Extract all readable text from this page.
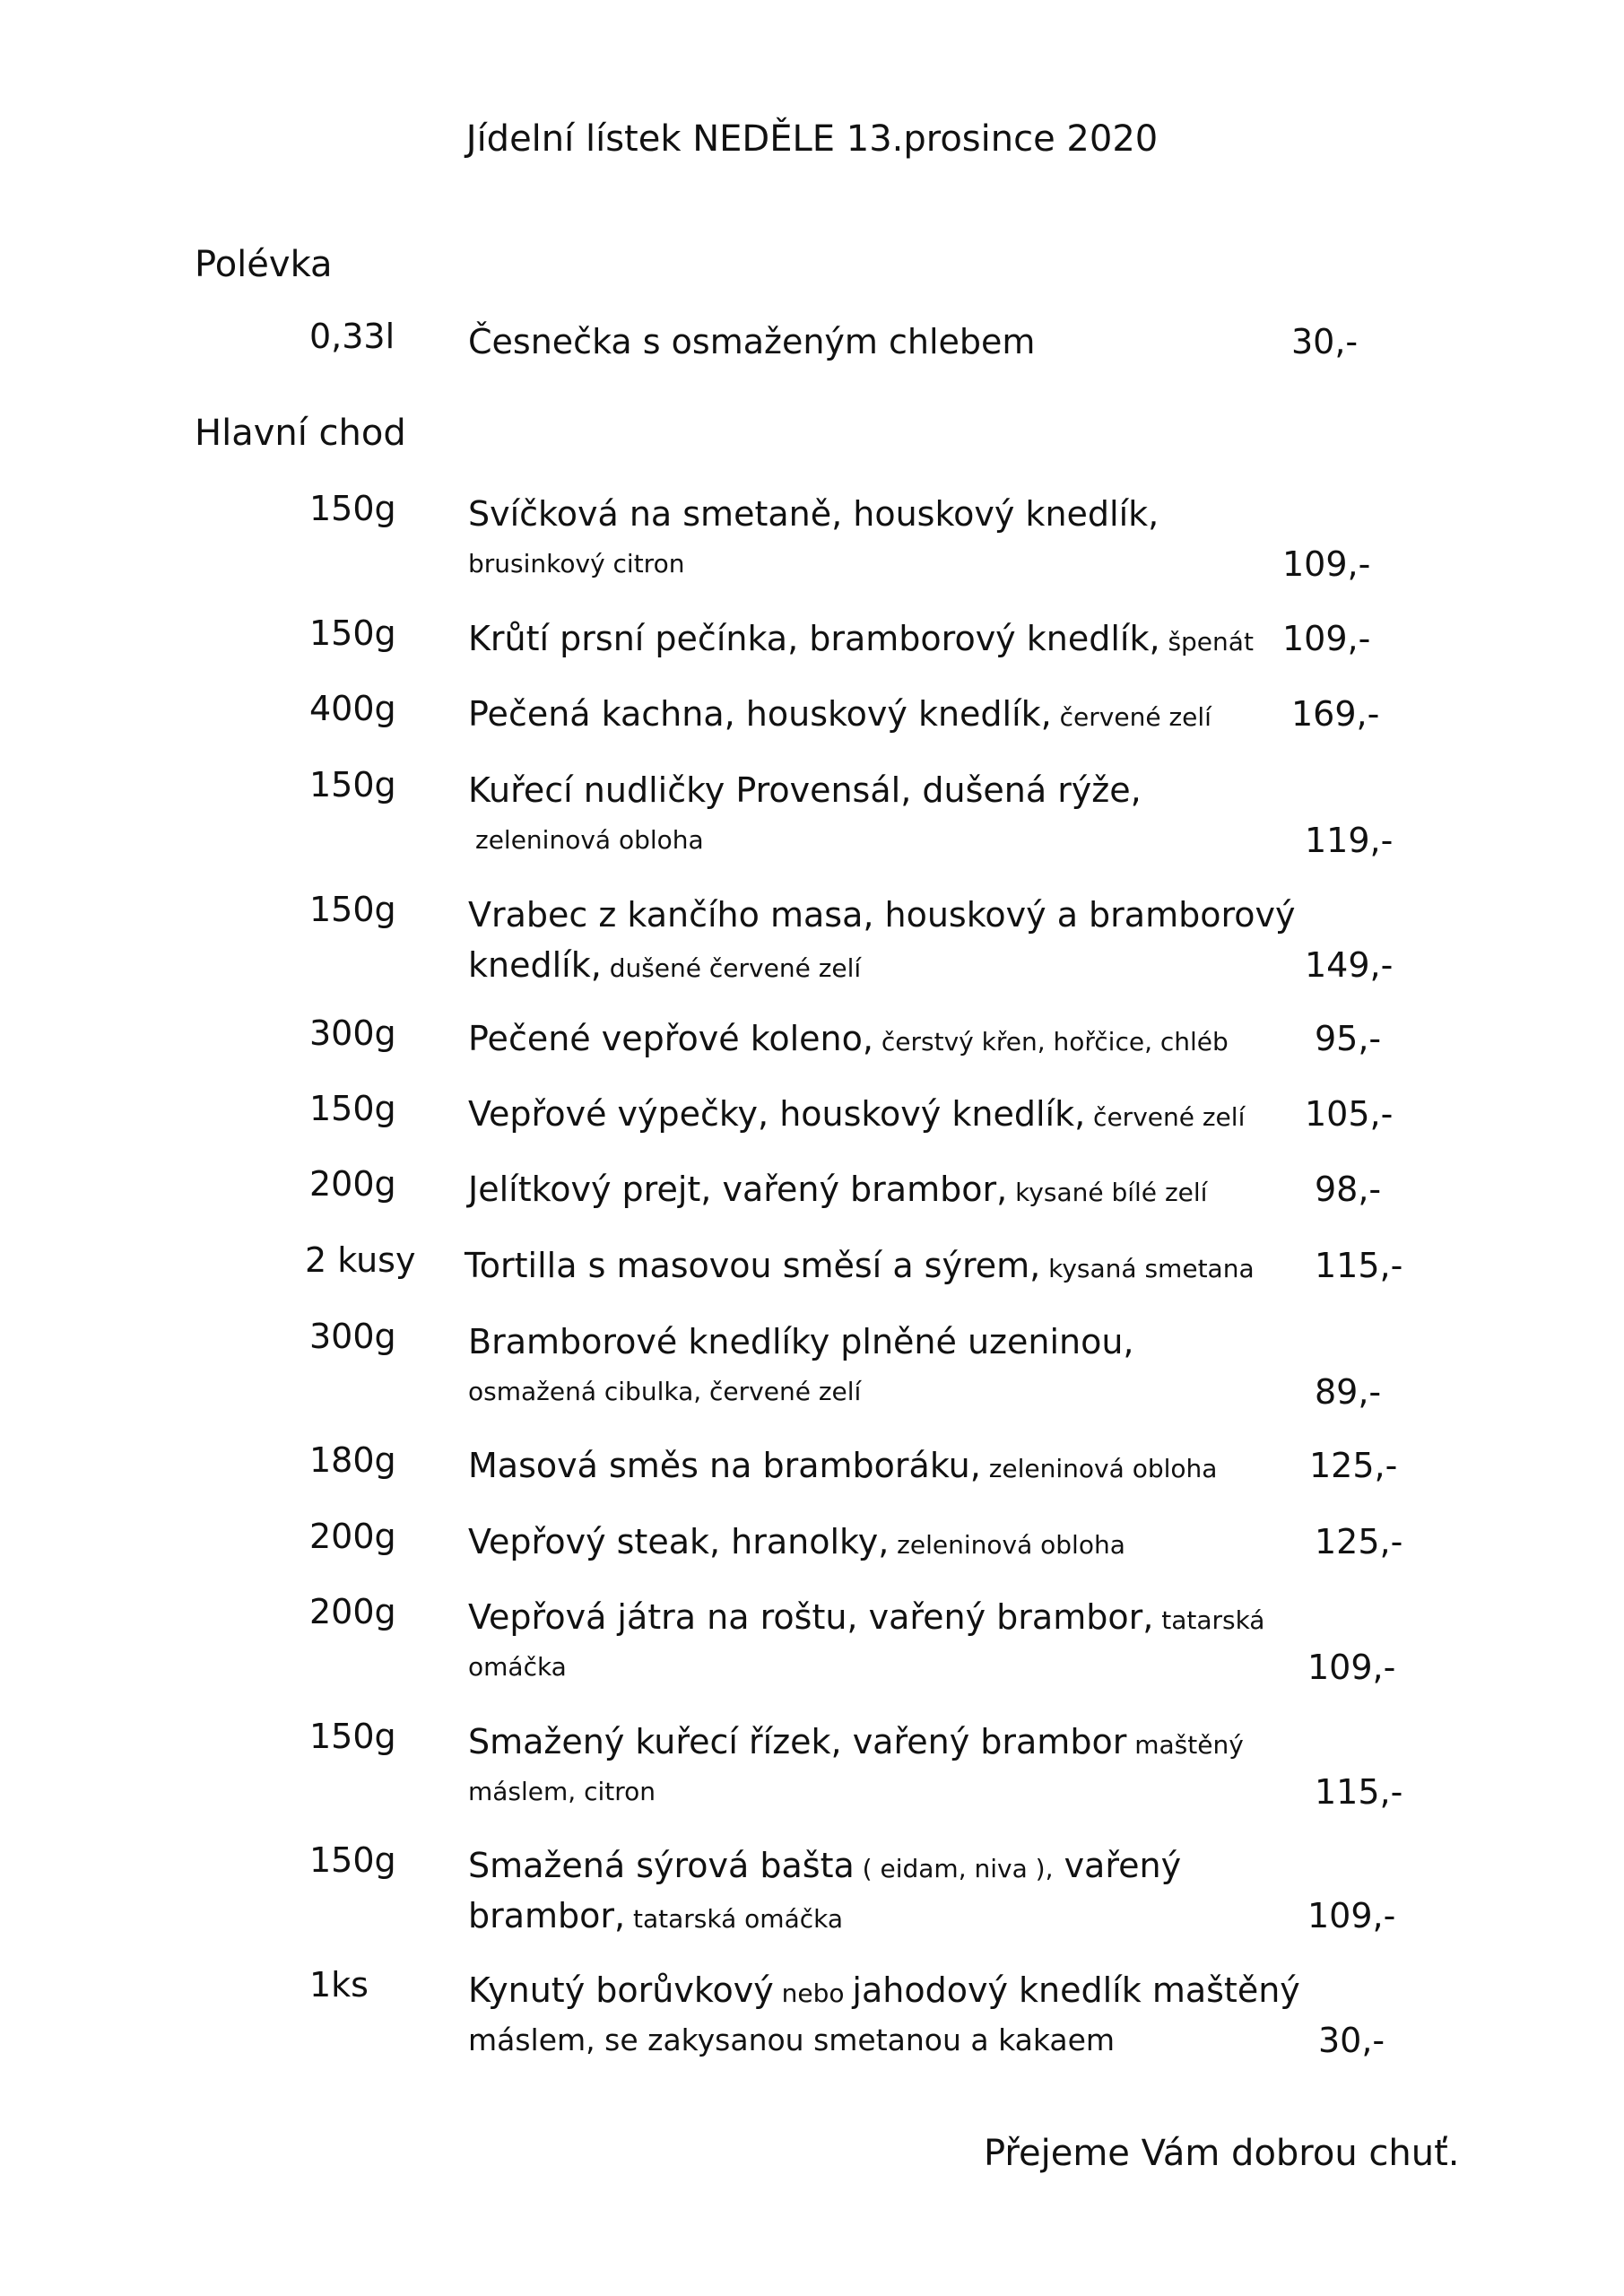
Jídelní lístek NEDĚLE 13.prosince 2020
Polévka
0,33l Česnečka s osmaženým chlebem	30,-
Hlavní chod
150g Svíčková na smetaně, houskový knedlík,
brusinkový citron	109,-
150g Krůtí prsní pečínka, bramborový knedlík, špenát 109,-
400g Pečená kachna, houskový knedlík, červené zelí	169,-
150g Kuřecí nudličky Provensál, dušená rýže,
zeleninová obloha	119,-
150g Vrabec z kančího masa, houskový a bramborový
knedlík, dušené červené zelí	149,-
300g Pečené vepřové koleno, čerstvý křen, hořčice, chléb	95,-
150g Vepřové výpečky, houskový knedlík, červené zelí	105,-
200g Jelítkový prejt, vařený brambor, kysané bílé zelí	98,-
2 kusy Tortilla s masovou směsí a sýrem, kysaná smetana	115,-
300g Bramborové knedlíky plněné uzeninou,
osmažená cibulka, červené zelí	89,-
180g Masová směs na bramboráku, zeleninová obloha	125,-
200g Vepřový steak, hranolky, zeleninová obloha	125,-
200g Vepřová játra na roštu, vařený brambor, tatarská
omáčka	109,-
150g Smažený kuřecí řízek, vařený brambor maštěný
máslem, citron	115,-
150g Smažená sýrová bašta ( eidam, niva ), vařený
brambor, tatarská omáčka	109,-
1ks	Kynutý borůvkový nebo jahodový knedlík maštěný
máslem, se zakysanou smetanou a kakaem	30,-
Přejeme Vám dobrou chuť.
